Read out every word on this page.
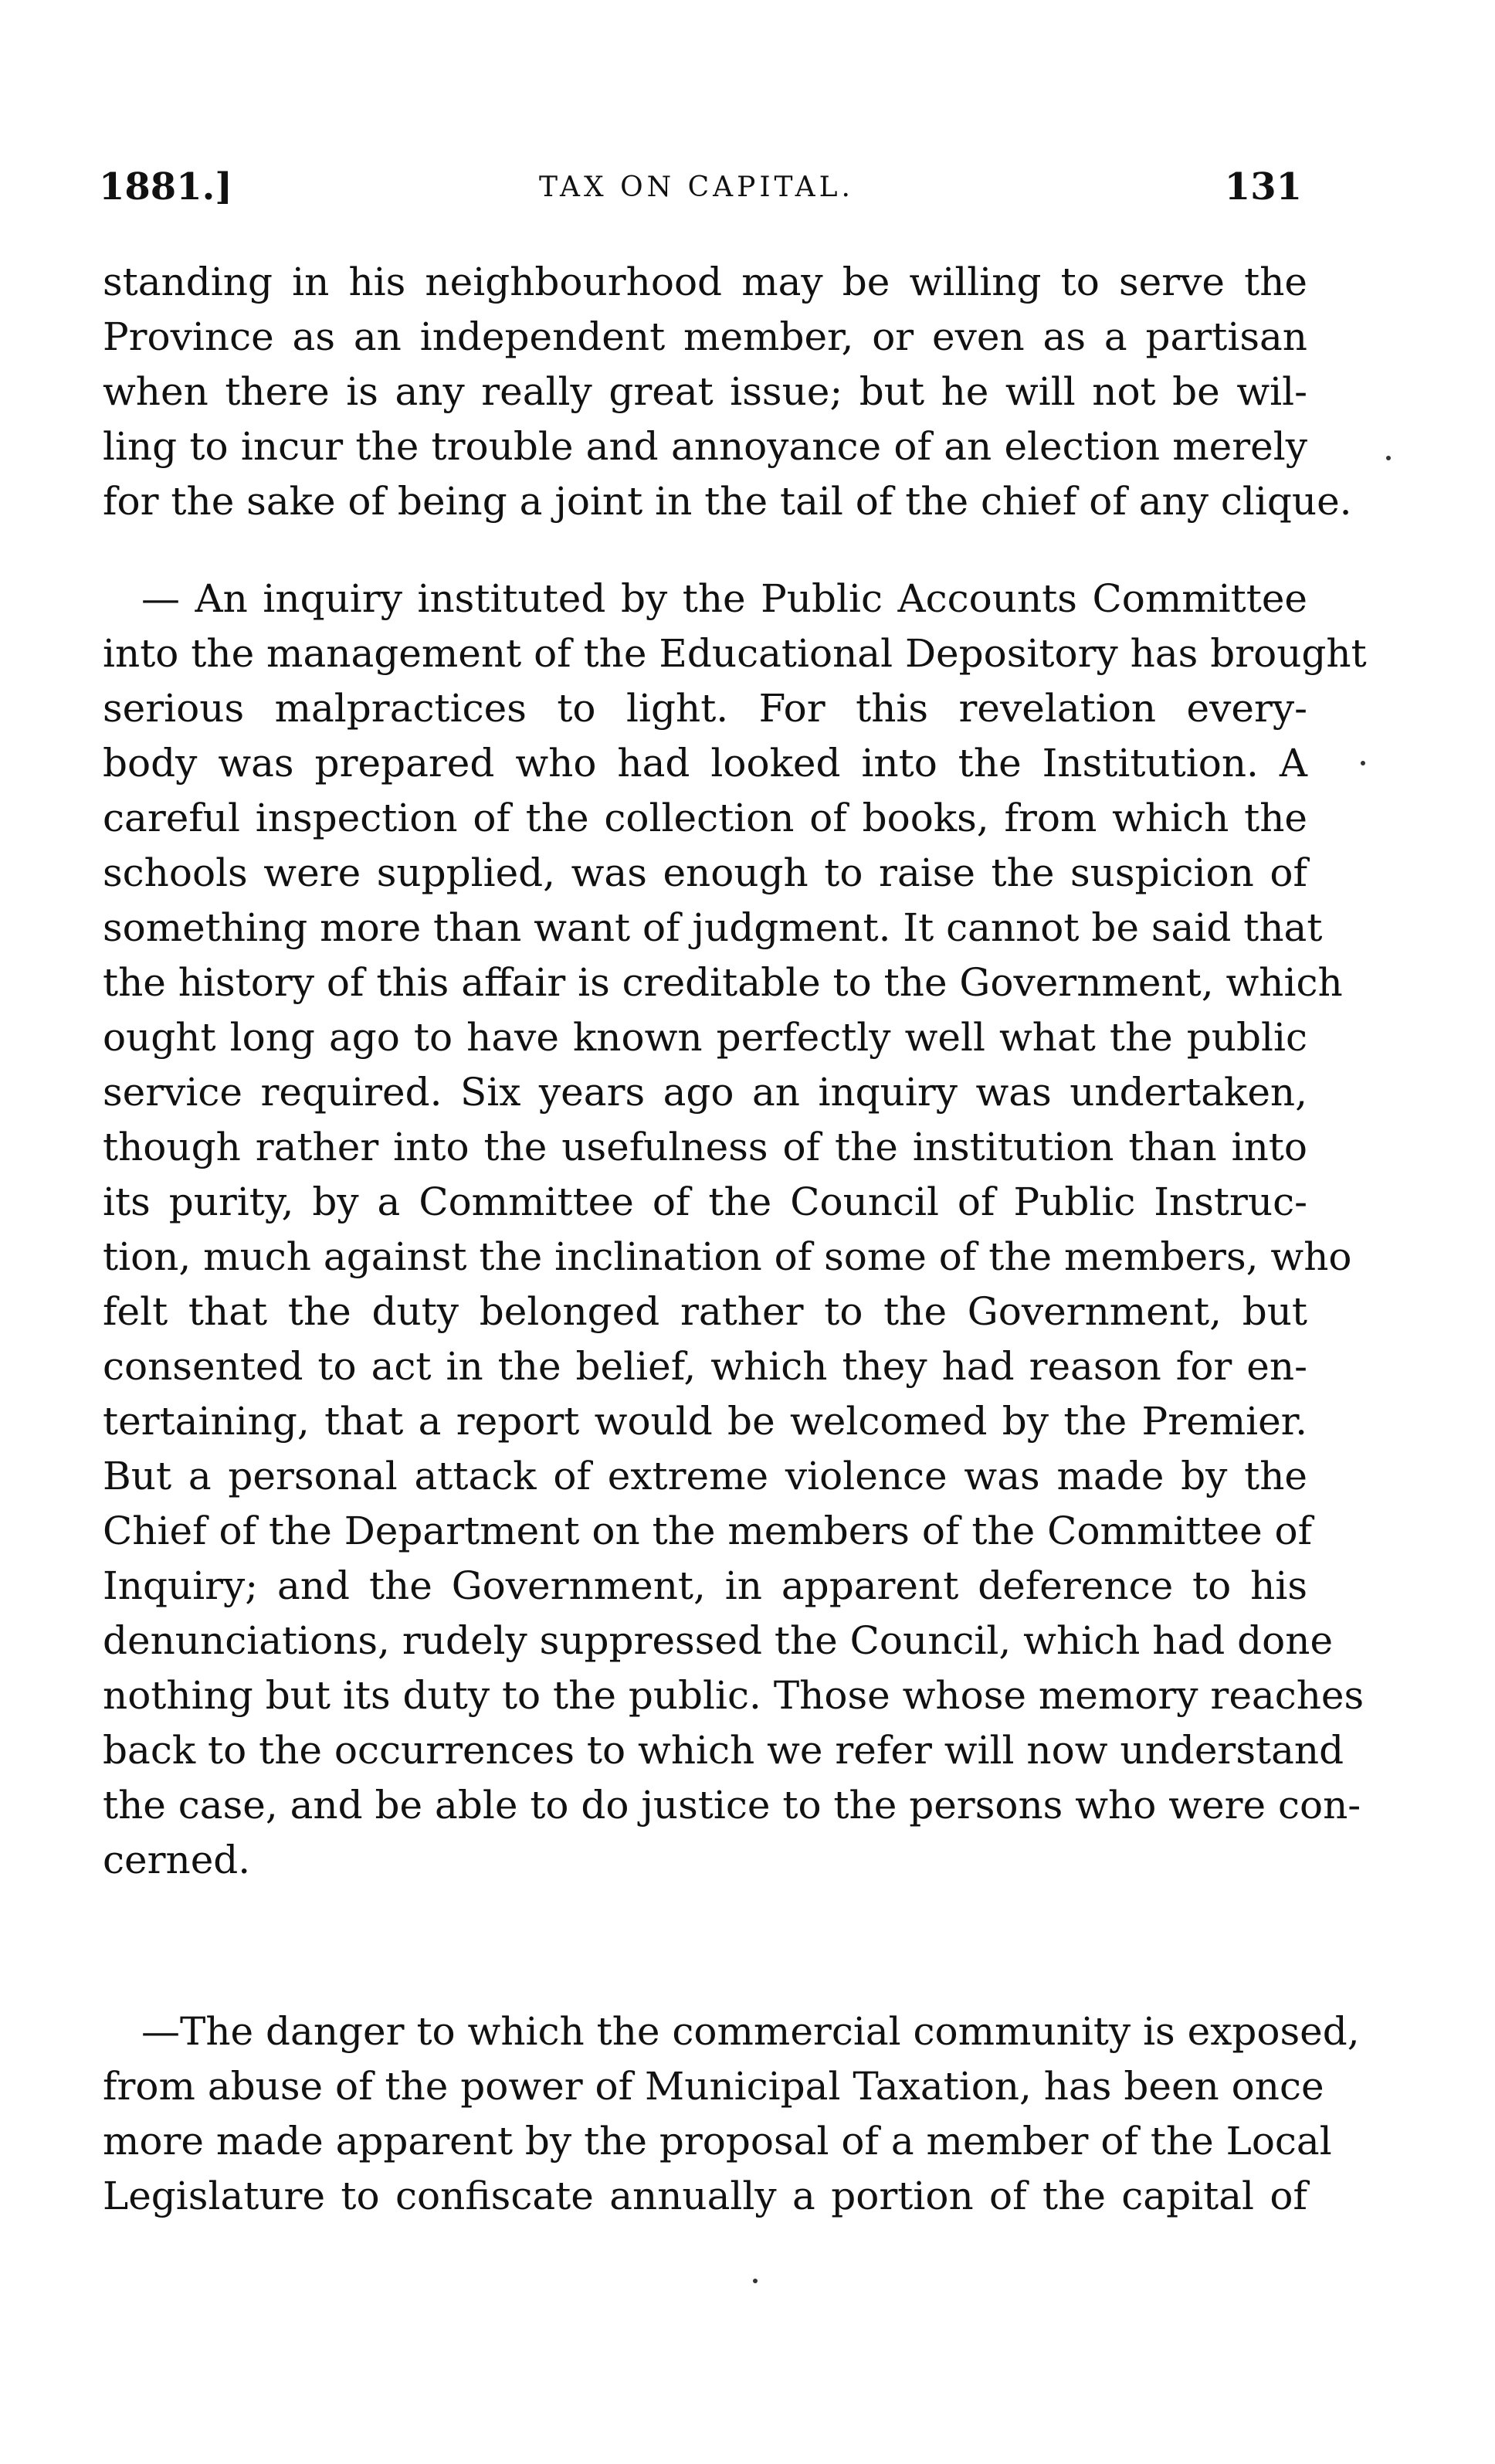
1881.]	TAX ON CAPITAL.	131
standing in his neighbourhood may be willing to serve the
Province as an independent member, or even as a partisan
when there is any really great issue; but he will not be wil-
ling to incur the trouble and annoyance of an election merely
for the sake of being a joint in the tail of the chief of any clique.
— An inquiry instituted by the Public Accounts Committee
into the management of the Educational Depository has brought
serious malpractices to light. For this revelation every-
body was prepared who had looked into the Institution. A
careful inspection of the collection of books, from which the
schools were supplied, was enough to raise the suspicion of
something more than want of judgment. It cannot be said that
the history of this affair is creditable to the Government, which
ought long ago to have known perfectly well what the public
service required. Six years ago an inquiry was undertaken,
though rather into the usefulness of the institution than into
its purity, by a Committee of the Council of Public Instruc-
tion, much against the inclination of some of the members, who
felt that the duty belonged rather to the Government, but
consented to act in the belief, which they had reason for en-
tertaining, that a report would be welcomed by the Premier.
But a personal attack of extreme violence was made by the
Chief of the Department on the members of the Committee of
Inquiry; and the Government, in apparent deference to his
denunciations, rudely suppressed the Council, which had done
nothing but its duty to the public. Those whose memory reaches
back to the occurrences to which we refer will now understand
the case, and be able to do justice to the persons who were con-
cerned.
—The danger to which the commercial community is exposed,
from abuse of the power of Municipal Taxation, has been once
more made apparent by the proposal of a member of the Local
Legislature to confiscate annually a portion of the capital of
